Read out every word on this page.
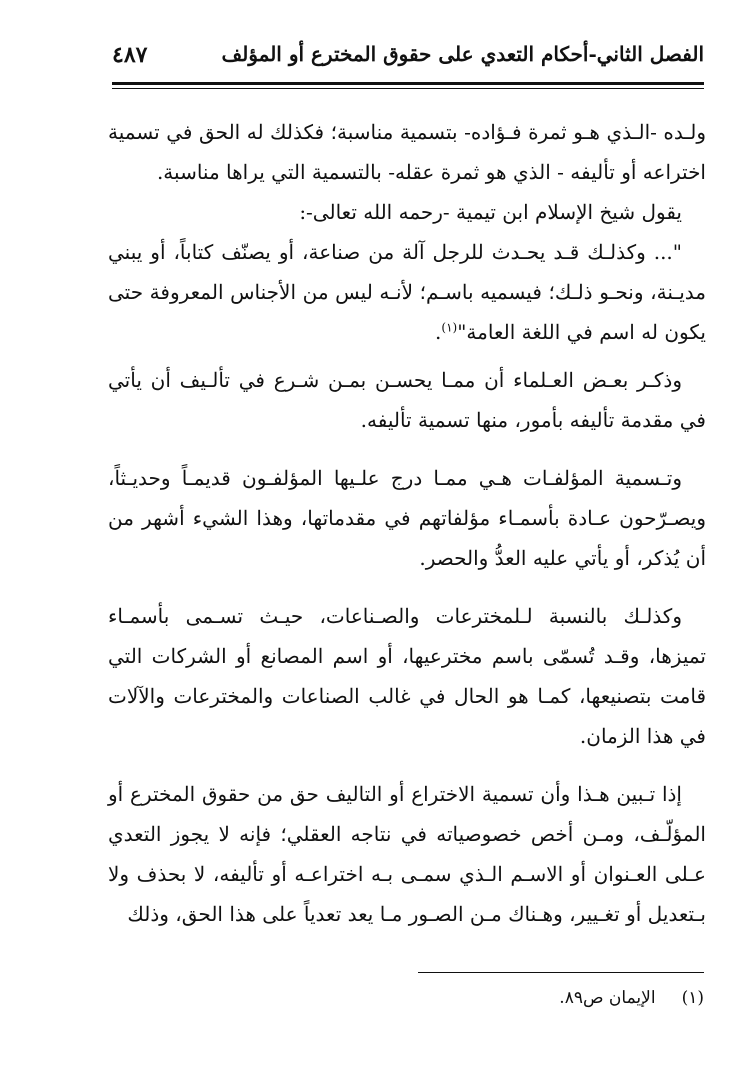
الفصل الثاني-أحكام التعدي على حقوق المخترع أو المؤلف
٤٨٧

ولـده -الـذي هـو ثمرة فـؤاده- بتسمية مناسبة؛ فكذلك له الحق في تسمية اختراعه أو تأليفه - الذي هو ثمرة عقله- بالتسمية التي يراها مناسبة.

يقول شيخ الإسلام ابن تيمية -رحمه الله تعالى-:

"... وكذلـك قـد يحـدث للرجل آلة من صناعة، أو يصنّف كتاباً، أو يبني مديـنة، ونحـو ذلـك؛ فيسميه باسـم؛ لأنـه ليس من الأجناس المعروفة حتى يكون له اسم في اللغة العامة"$^{(١)}$.

وذكـر بعـض العـلماء أن ممـا يحسـن بمـن شـرع في تألـيف أن يأتي في مقدمة تأليفه بأمور، منها تسمية تأليفه.

وتـسمية المؤلفـات هـي ممـا درج علـيها المؤلفـون قديمـاً وحديـثاً، ويصـرّحون عـادة بأسمـاء مؤلفاتهم في مقدماتها، وهذا الشيء أشهر من أن يُذكر، أو يأتي عليه العدُّ والحصر.

وكذلـك بالنسبة لـلمخترعات والصـناعات، حيـث تسـمى بأسمـاء تميزها، وقـد تُسمّى باسم مخترعيها، أو اسم المصانع أو الشركات التي قامت بتصنيعها، كمـا هو الحال في غالب الصناعات والمخترعات والآلات في هذا الزمان.

إذا تـبين هـذا وأن تسمية الاختراع أو التاليف حق من حقوق المخترع أو المؤلّـف، ومـن أخص خصوصياته في نتاجه العقلي؛ فإنه لا يجوز التعدي عـلى العـنوان أو الاسـم الـذي سمـى بـه اختراعـه أو تأليفه، لا بحذف ولا بـتعديل أو تغـيير، وهـناك مـن الصـور مـا يعد تعدياً على هذا الحق، وذلك

(١)الإيمان ص٨٩.
